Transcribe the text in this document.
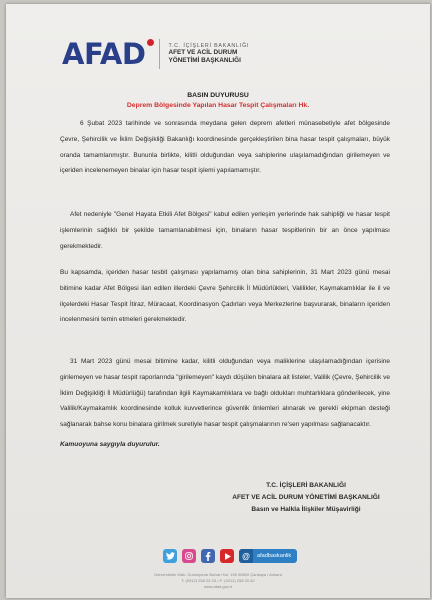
AFAD	T.C. İÇİŞLERİ BAKANLIĞI
AFET VE ACİL DURUM
YÖNETİMİ BAŞKANLIĞI
BASIN DUYURUSU
Deprem Bölgesinde Yapılan Hasar Tespit Çalışmaları Hk.

6 Şubat 2023 tarihinde ve sonrasında meydana gelen deprem afetleri münasebetiyle afet bölgesinde Çevre, Şehircilik ve İklim Değişikliği Bakanlığı koordinesinde gerçekleştirilen bina hasar tespit çalışmaları, büyük oranda tamamlanmıştır. Bununla birlikte, kilitli olduğundan veya sahiplerine ulaşılamadığından girilemeyen ve içeriden incelenemeyen binalar için hasar tespit işlemi yapılamamıştır.

Afet nedeniyle "Genel Hayata Etkili Afet Bölgesi" kabul edilen yerleşim yerlerinde hak sahipliği ve hasar tespit işlemlerinin sağlıklı bir şekilde tamamlanabilmesi için, binaların hasar tespitlerinin bir an önce yapılması gerekmektedir.

Bu kapsamda, içeriden hasar tesbit çalışması yapılamamış olan bina sahiplerinin, 31 Mart 2023 günü mesai bitimine kadar Afet Bölgesi ilan edilen illerdeki Çevre Şehircilik İl Müdürlükleri, Valilikler, Kaymakamlıklar ile il ve ilçelerdeki Hasar Tespit İtiraz, Müracaat, Koordinasyon Çadırları veya Merkezlerine başvurarak, binaların içeriden incelenmesini temin etmeleri gerekmektedir.

31 Mart 2023 günü mesai bitimine kadar, kilitli olduğundan veya maliklerine ulaşılamadığından içerisine girilemeyen ve hasar tespit raporlarında "girilemeyen" kaydı düşülen binalara ait listeler, Valilik (Çevre, Şehircilik ve İklim Değişikliği İl Müdürlüğü) tarafından ilgili Kaymakamlıklara ve bağlı oldukları muhtarlıklara gönderilecek, yine Valilik/Kaymakamlık koordinesinde kolluk kuvvetlerince güvenlik önlemleri alınarak ve gerekli ekipman desteği sağlanarak bahse konu binalara girilmek suretiyle hasar tespit çalışmalarının re'sen yapılması sağlanacaktır.

Kamuoyuna saygıyla duyurulur.
T.C. İÇİŞLERİ BAKANLIĞI
AFET VE ACİL DURUM YÖNETİMİ BAŞKANLIĞI
Basın ve Halkla İlişkiler Müşavirliği
@	afadbaskanlik
Üniversiteler Mah. Dumlupınar Bulvarı No: 159 06800 Çankaya / Ankara
T: (0312) 258 23 23 • F: (0312) 258 20 82
www.afad.gov.tr
